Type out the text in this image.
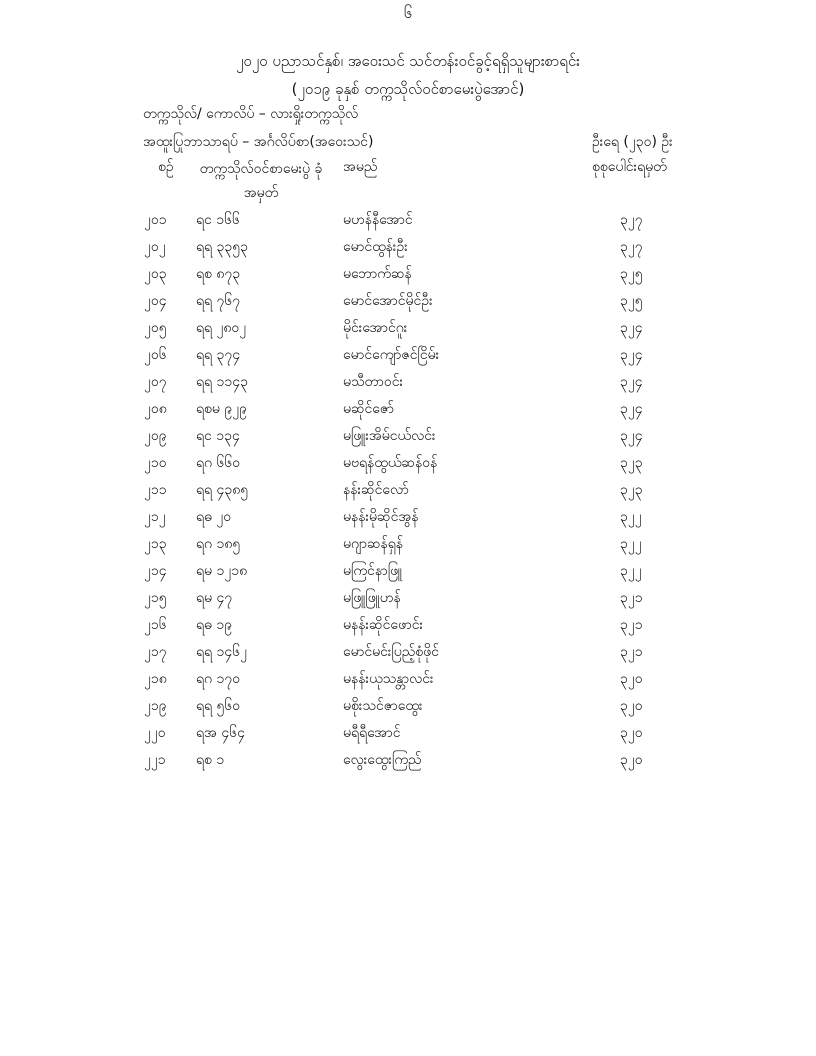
၆
၂၀၂၀ ပညာသင်နှစ်၊ အဝေးသင် သင်တန်းဝင်ခွင့်ရရှိသူများစာရင်း
(၂၀၁၉ ခုနှစ် တက္ကသိုလ်ဝင်စာမေးပွဲအောင်)
တက္ကသိုလ်/ ကောလိပ် – လားရှိုးတက္ကသိုလ်
အထူးပြုဘာသာရပ် – အင်္ဂလိပ်စာ(အဝေးသင်)	ဦးရေ (၂၃၀) ဦး
စဉ် တက္ကသိုလ်ဝင်စာမေးပွဲ ခုံအမှတ်
အမည်	စုစုပေါင်းရမှတ်
၂၀၁ ရင ၁၆၆	မဟန်နီအောင်	၃၂၇
၂၀၂ ရရ ၃၃၅၃	မောင်ထွန်းဦး	၃၂၇
၂၀၃ ရစ ၈၇၃	မဘောက်ဆန်	၃၂၅
၂၀၄ ရရ ၇၆၇	မောင်အောင်မိုင်ဦး	၃၂၅
၂၀၅ ရရ ၂၈၀၂	မိုင်းအောင်ဂူး	၃၂၄
၂၀၆ ရရ ၃၇၄	မောင်ကျော်ဇင်ငြိမ်း	၃၂၄
၂၀၇ ရရ ၁၁၄၃	မသီတာဝင်း	၃၂၄
၂၀၈ ရစမ ၉၂၉	မဆိုင်ဇော်	၃၂၄
၂၀၉ ရင ၁၃၄	မဖြူးအိမ်ငယ်လင်း	၃၂၄
၂၁၀ ရဂ ၆၆၀	မဗရန်ထွယ်ဆန်ဝန်	၃၂၃
၂၁၁ ရရ ၄၃၈၅	နန်းဆိုင်လော်	၃၂၃
၂၁၂ ရဓ ၂၀	မနန်းမိုဆိုင်အွန်	၃၂၂
၂၁၃ ရဂ ၁၈၅	မဂျာဆန်ရှန်	၃၂၂
၂၁၄ ရမ ၁၂၁၈	မကြင်နာဖြူ	၃၂၂
၂၁၅ ရမ ၄၇	မဖြူဖြူဟန်	၃၂၁
၂၁၆ ရဓ ၁၉	မနန်းဆိုင်ဖောင်း	၃၂၁
၂၁၇ ရရ ၁၄၆၂	မောင်မင်းပြည့်စုံဖိုင်	၃၂၁
၂၁၈ ရဂ ၁၇၀	မနန်းယုသန္တာလင်း	၃၂၀
၂၁၉ ရရ ၅၆၀	မစိုးသင်ဇာထွေး	၃၂၀
၂၂၀ ရအ ၄၆၄	မရီရီအောင်	၃၂၀
၂၂၁ ရစ ၁	လွေးထွေးကြည်	၃၂၀
